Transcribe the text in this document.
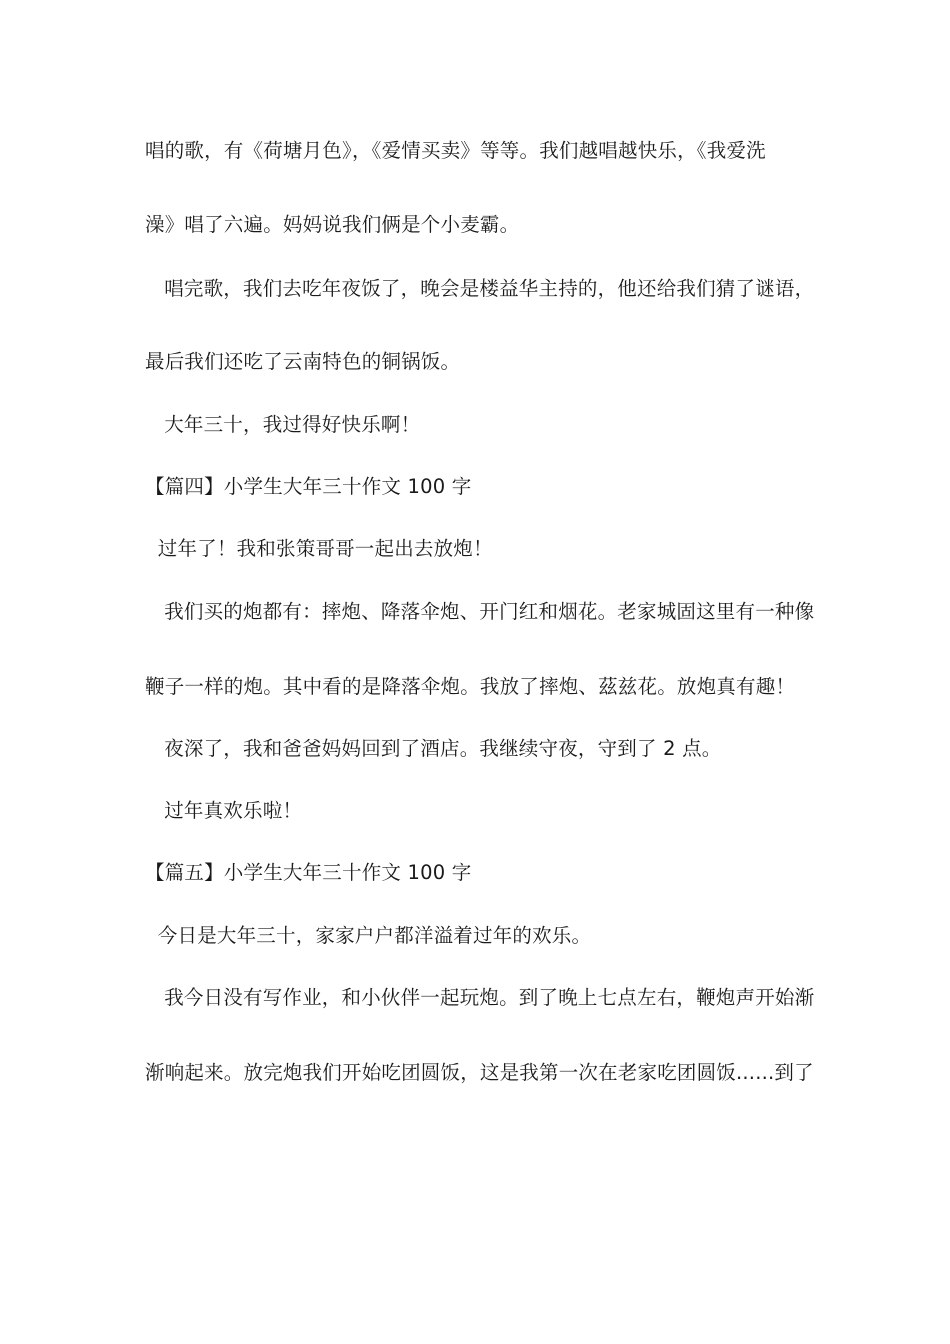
唱的歌，有《荷塘月色》，《爱情买卖》等等。我们越唱越快乐，《我爱洗
澡》唱了六遍。妈妈说我们俩是个小麦霸。
唱完歌，我们去吃年夜饭了，晚会是楼益华主持的，他还给我们猜了谜语，
最后我们还吃了云南特色的铜锅饭。
大年三十，我过得好快乐啊！
【篇四】小学生大年三十作文 100 字
过年了！我和张策哥哥一起出去放炮！
我们买的炮都有：摔炮、降落伞炮、开门红和烟花。老家城固这里有一种像
鞭子一样的炮。其中看的是降落伞炮。我放了摔炮、茲兹花。放炮真有趣！
夜深了，我和爸爸妈妈回到了酒店。我继续守夜，守到了 2 点。
过年真欢乐啦！
【篇五】小学生大年三十作文 100 字
今日是大年三十，家家户户都洋溢着过年的欢乐。
我今日没有写作业，和小伙伴一起玩炮。到了晚上七点左右，鞭炮声开始渐
渐响起来。放完炮我们开始吃团圆饭，这是我第一次在老家吃团圆饭......到了
